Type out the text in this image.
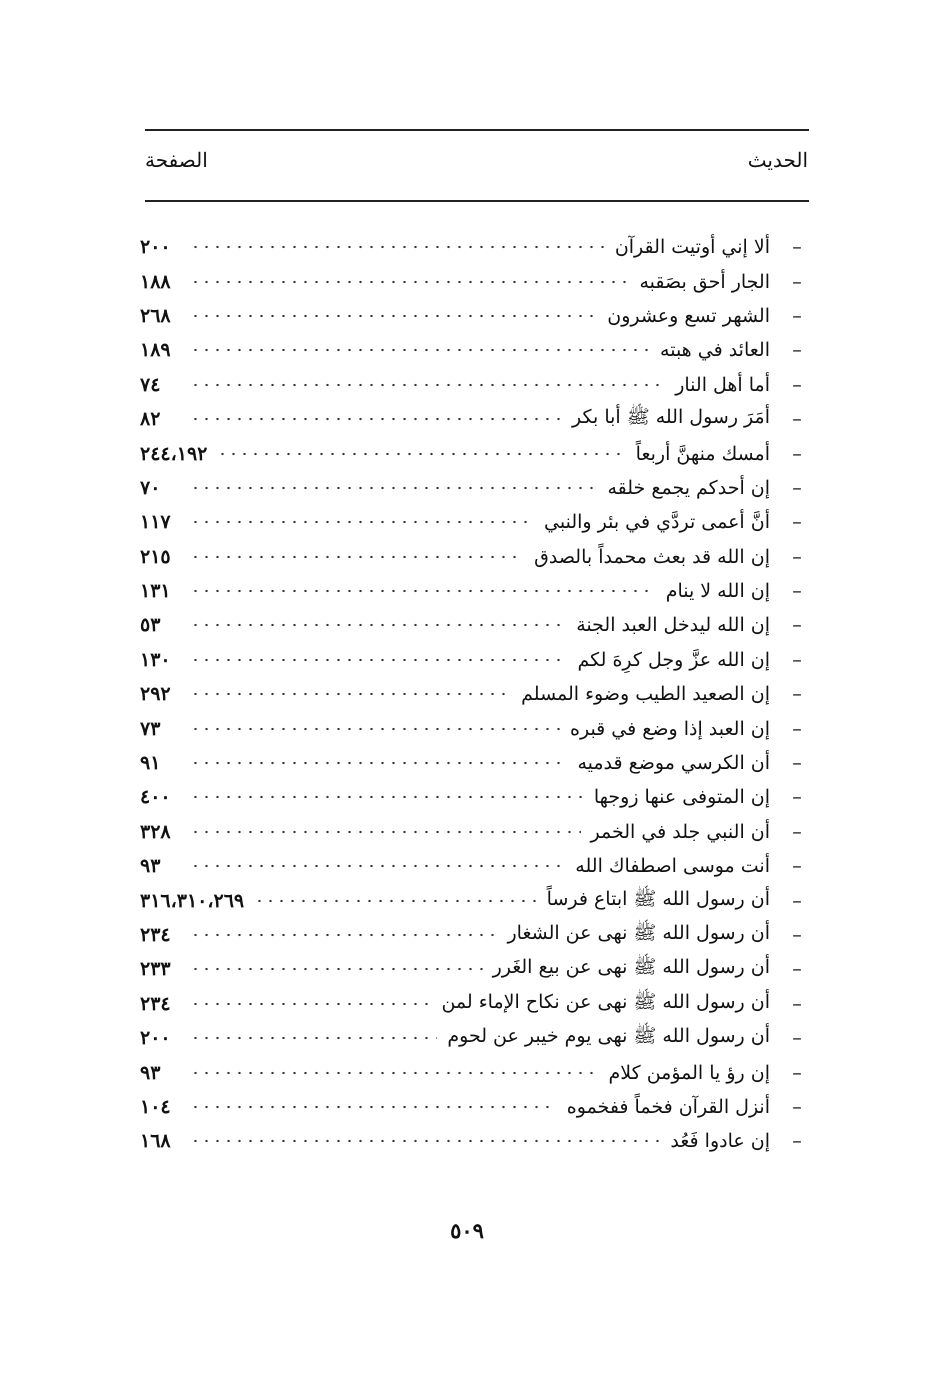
الحديث
الصفحة
–
ألا إني أوتيت القرآن
٢٠٠
–
الجار أحق بصَقبه
١٨٨
–
الشهر تسع وعشرون
٢٦٨
–
العائد في هبته
١٨٩
–
أما أهل النار
٧٤
–
أمَرَ رسول الله ﷺ أبا بكر
٨٢
–
أمسك منهنَّ أربعاً
٢٤٤،١٩٢
–
إن أحدكم يجمع خلقه
٧٠
–
أنَّ أعمى تردَّي في بئر والنبي
١١٧
–
إن الله قد بعث محمداً بالصدق
٢١٥
–
إن الله لا ينام
١٣١
–
إن الله ليدخل العبد الجنة
٥٣
–
إن الله عزَّ وجل كرِهَ لكم
١٣٠
–
إن الصعيد الطيب وضوء المسلم
٢٩٢
–
إن العبد إذا وضع في قبره
٧٣
–
أن الكرسي موضع قدميه
٩١
–
إن المتوفى عنها زوجها
٤٠٠
–
أن النبي جلد في الخمر
٣٢٨
–
أنت موسى اصطفاك الله
٩٣
–
أن رسول الله ﷺ ابتاع فرساً
٣١٦،٣١٠،٢٦٩
–
أن رسول الله ﷺ نهى عن الشغار
٢٣٤
–
أن رسول الله ﷺ نهى عن بيع الغَرر
٢٣٣
–
أن رسول الله ﷺ نهى عن نكاح الإماء لمن
٢٣٤
–
أن رسول الله ﷺ نهى يوم خيبر عن لحوم
٢٠٠
–
إن رؤ يا المؤمن كلام
٩٣
–
أنزل القرآن فخماً ففخموه
١٠٤
–
إن عادوا فَعُد
١٦٨
٥٠٩
